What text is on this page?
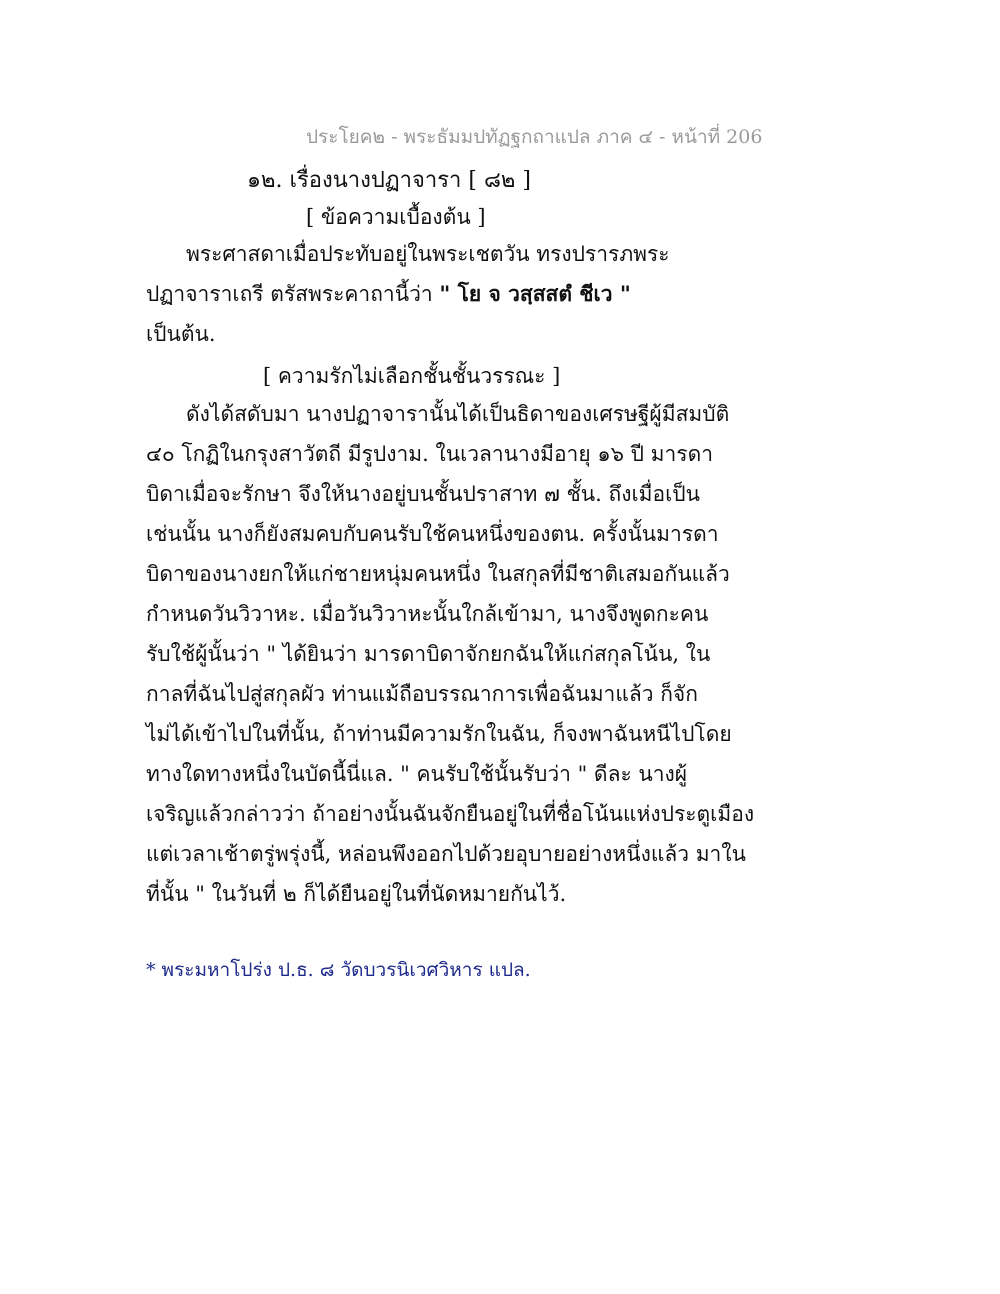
ประโยค๒ - พระธัมมปทัฏฐกถาแปล ภาค ๔ - หน้าที่ 206
๑๒. เรื่องนางปฏาจารา [ ๘๒ ]
[ ข้อความเบื้องต้น ]
พระศาสดาเมื่อประทับอยู่ในพระเชตวัน ทรงปรารภพระ
ปฏาจาราเถรี ตรัสพระคาถานี้ว่า " โย จ วสฺสสตํ ชีเว "
เป็นต้น.
[ ความรักไม่เลือกชั้นชั้นวรรณะ ]
ดังได้สดับมา นางปฏาจารานั้นได้เป็นธิดาของเศรษฐีผู้มีสมบัติ
๔๐ โกฏิในกรุงสาวัตถี มีรูปงาม. ในเวลานางมีอายุ ๑๖ ปี มารดา
บิดาเมื่อจะรักษา จึงให้นางอยู่บนชั้นปราสาท ๗ ชั้น. ถึงเมื่อเป็น
เช่นนั้น นางก็ยังสมคบกับคนรับใช้คนหนึ่งของตน. ครั้งนั้นมารดา
บิดาของนางยกให้แก่ชายหนุ่มคนหนึ่ง ในสกุลที่มีชาติเสมอกันแล้ว
กำหนดวันวิวาหะ. เมื่อวันวิวาหะนั้นใกล้เข้ามา, นางจึงพูดกะคน
รับใช้ผู้นั้นว่า " ได้ยินว่า มารดาบิดาจักยกฉันให้แก่สกุลโน้น, ใน
กาลที่ฉันไปสู่สกุลผัว ท่านแม้ถือบรรณาการเพื่อฉันมาแล้ว ก็จัก
ไม่ได้เข้าไปในที่นั้น, ถ้าท่านมีความรักในฉัน, ก็จงพาฉันหนีไปโดย
ทางใดทางหนึ่งในบัดนี้นี่แล. " คนรับใช้นั้นรับว่า " ดีละ นางผู้
เจริญแล้วกล่าวว่า ถ้าอย่างนั้นฉันจักยืนอยู่ในที่ชื่อโน้นแห่งประตูเมือง
แต่เวลาเช้าตรู่พรุ่งนี้, หล่อนพึงออกไปด้วยอุบายอย่างหนึ่งแล้ว มาใน
ที่นั้น " ในวันที่ ๒ ก็ได้ยืนอยู่ในที่นัดหมายกันไว้.
* พระมหาโปร่ง ป.ธ. ๘ วัดบวรนิเวศวิหาร แปล.
